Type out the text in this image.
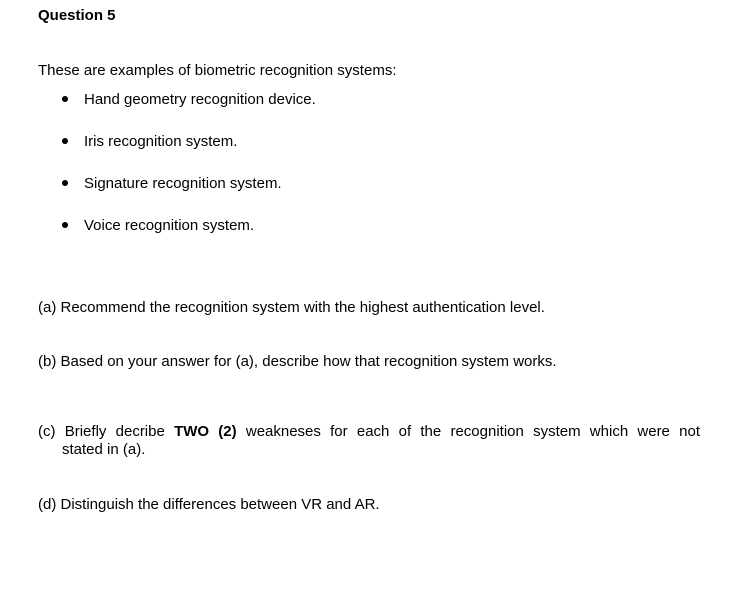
Question 5
These are examples of biometric recognition systems:
Hand geometry recognition device.
Iris recognition system.
Signature recognition system.
Voice recognition system.
(a) Recommend the recognition system with the highest authentication level.
(b) Based on your answer for (a), describe how that recognition system works.
(c) Briefly decribe TWO (2) weakneses for each of the recognition system which were not
stated in (a).
(d) Distinguish the differences between VR and AR.
